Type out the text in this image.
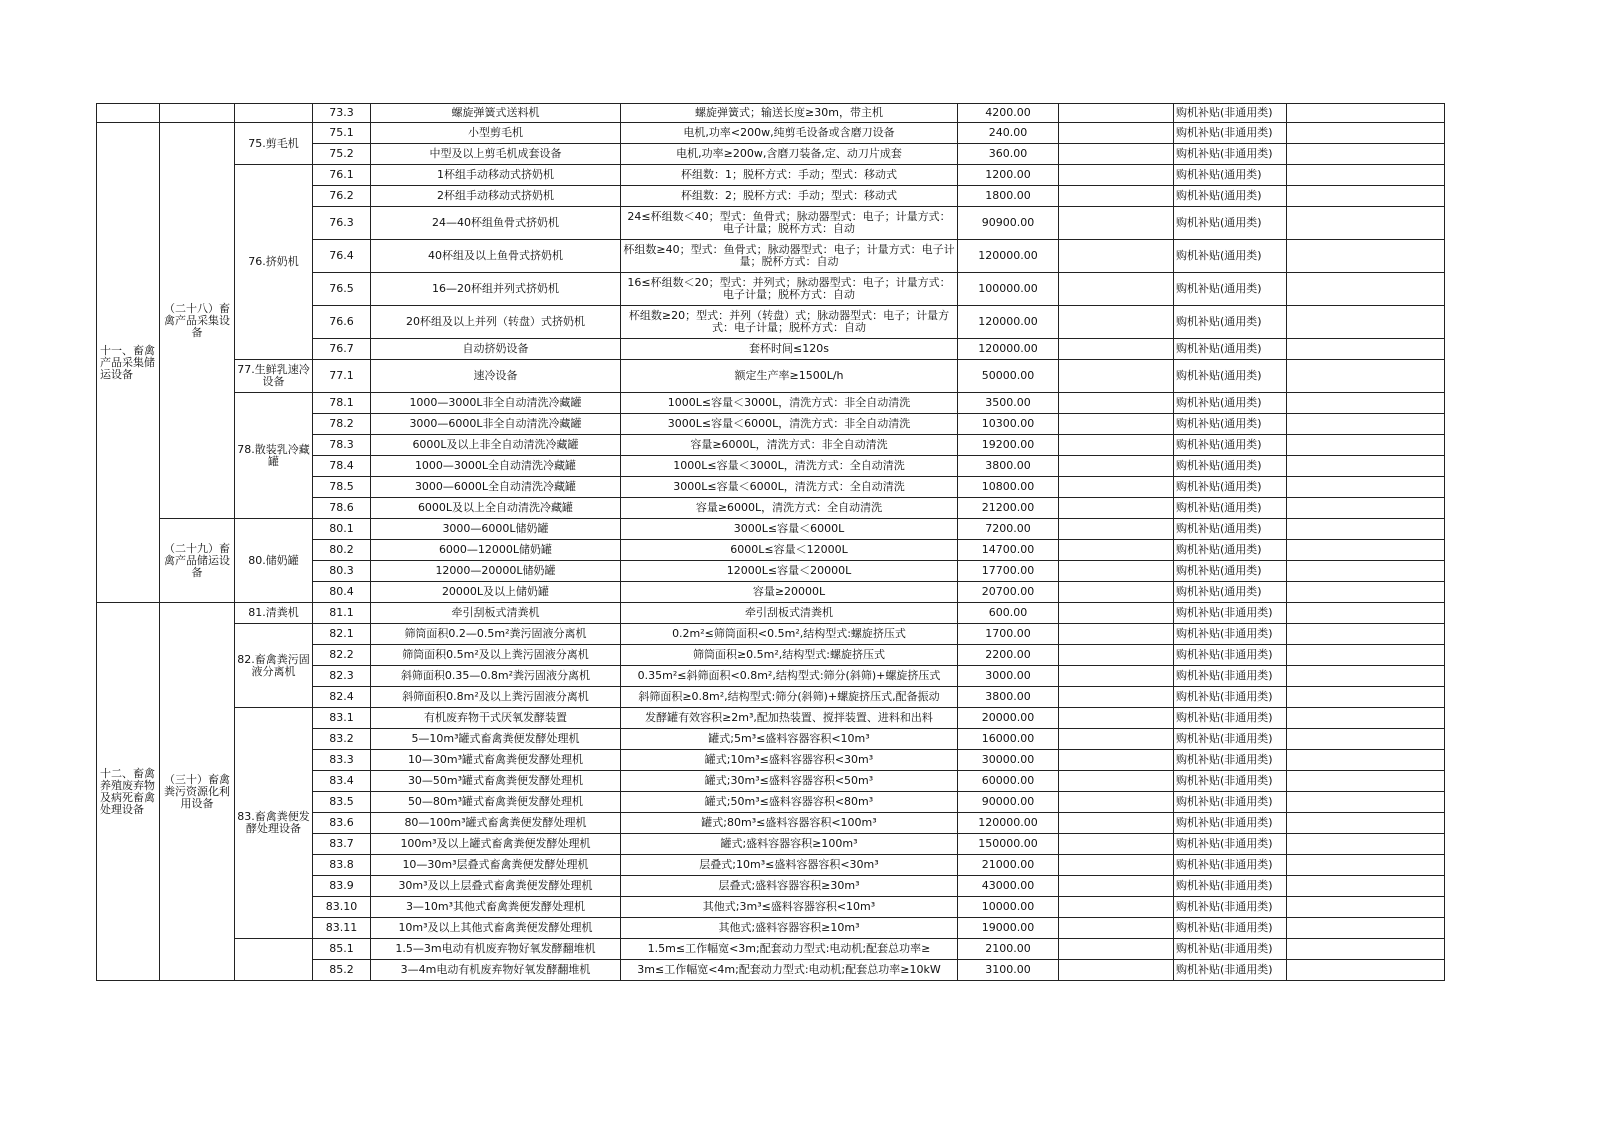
			73.3	螺旋弹簧式送料机	螺旋弹簧式；输送长度≥30m，带主机	4200.00		购机补贴(非通用类)	
十一、畜禽产品采集储运设备	（二十八）畜禽产品采集设备	75.剪毛机	75.1	小型剪毛机	电机,功率<200w,纯剪毛设备或含磨刀设备	240.00		购机补贴(非通用类)	
			75.2	中型及以上剪毛机成套设备	电机,功率≥200w,含磨刀装备,定、动刀片成套	360.00		购机补贴(非通用类)	
		76.挤奶机	76.1	1杯组手动移动式挤奶机	杯组数：1；脱杯方式：手动；型式：移动式	1200.00		购机补贴(通用类)	
			76.2	2杯组手动移动式挤奶机	杯组数：2；脱杯方式：手动；型式：移动式	1800.00		购机补贴(通用类)	
			76.3	24—40杯组鱼骨式挤奶机	24≤杯组数＜40；型式：鱼骨式；脉动器型式：电子；计量方式：电子计量；脱杯方式：自动	90900.00		购机补贴(通用类)	
			76.4	40杯组及以上鱼骨式挤奶机	杯组数≥40；型式：鱼骨式；脉动器型式：电子；计量方式：电子计量；脱杯方式：自动	120000.00		购机补贴(通用类)	
			76.5	16—20杯组并列式挤奶机	16≤杯组数＜20；型式：并列式；脉动器型式：电子；计量方式：电子计量；脱杯方式：自动	100000.00		购机补贴(通用类)	
			76.6	20杯组及以上并列（转盘）式挤奶机	杯组数≥20；型式：并列（转盘）式；脉动器型式：电子；计量方式：电子计量；脱杯方式：自动	120000.00		购机补贴(通用类)	
			76.7	自动挤奶设备	套杯时间≤120s	120000.00		购机补贴(通用类)	
		77.生鲜乳速冷设备	77.1	速冷设备	额定生产率≥1500L/h	50000.00		购机补贴(通用类)	
		78.散装乳冷藏罐	78.1	1000—3000L非全自动清洗冷藏罐	1000L≤容量＜3000L，清洗方式：非全自动清洗	3500.00		购机补贴(通用类)	
			78.2	3000—6000L非全自动清洗冷藏罐	3000L≤容量＜6000L，清洗方式：非全自动清洗	10300.00		购机补贴(通用类)	
			78.3	6000L及以上非全自动清洗冷藏罐	容量≥6000L，清洗方式：非全自动清洗	19200.00		购机补贴(通用类)	
			78.4	1000—3000L全自动清洗冷藏罐	1000L≤容量＜3000L，清洗方式：全自动清洗	3800.00		购机补贴(通用类)	
			78.5	3000—6000L全自动清洗冷藏罐	3000L≤容量＜6000L，清洗方式：全自动清洗	10800.00		购机补贴(通用类)	
			78.6	6000L及以上全自动清洗冷藏罐	容量≥6000L，清洗方式：全自动清洗	21200.00		购机补贴(通用类)	
	（二十九）畜禽产品储运设备	80.储奶罐	80.1	3000—6000L储奶罐	3000L≤容量＜6000L	7200.00		购机补贴(通用类)	
			80.2	6000—12000L储奶罐	6000L≤容量＜12000L	14700.00		购机补贴(通用类)	
			80.3	12000—20000L储奶罐	12000L≤容量＜20000L	17700.00		购机补贴(通用类)	
			80.4	20000L及以上储奶罐	容量≥20000L	20700.00		购机补贴(通用类)	
十二、畜禽养殖废弃物及病死畜禽处理设备	（三十）畜禽粪污资源化利用设备	81.清粪机	81.1	牵引刮板式清粪机	牵引刮板式清粪机	600.00		购机补贴(非通用类)	
		82.畜禽粪污固液分离机	82.1	筛筒面积0.2—0.5m²粪污固液分离机	0.2m²≤筛筒面积<0.5m²,结构型式:螺旋挤压式	1700.00		购机补贴(非通用类)	
			82.2	筛筒面积0.5m²及以上粪污固液分离机	筛筒面积≥0.5m²,结构型式:螺旋挤压式	2200.00		购机补贴(非通用类)	
			82.3	斜筛面积0.35—0.8m²粪污固液分离机	0.35m²≤斜筛面积<0.8m²,结构型式:筛分(斜筛)+螺旋挤压式	3000.00		购机补贴(非通用类)	
			82.4	斜筛面积0.8m²及以上粪污固液分离机	斜筛面积≥0.8m²,结构型式:筛分(斜筛)+螺旋挤压式,配备振动	3800.00		购机补贴(非通用类)	
		83.畜禽粪便发酵处理设备	83.1	有机废弃物干式厌氧发酵装置	发酵罐有效容积≥2m³,配加热装置、搅拌装置、进料和出料	20000.00		购机补贴(非通用类)	
			83.2	5—10m³罐式畜禽粪便发酵处理机	罐式;5m³≤盛料容器容积<10m³	16000.00		购机补贴(非通用类)	
			83.3	10—30m³罐式畜禽粪便发酵处理机	罐式;10m³≤盛料容器容积<30m³	30000.00		购机补贴(非通用类)	
			83.4	30—50m³罐式畜禽粪便发酵处理机	罐式;30m³≤盛料容器容积<50m³	60000.00		购机补贴(非通用类)	
			83.5	50—80m³罐式畜禽粪便发酵处理机	罐式;50m³≤盛料容器容积<80m³	90000.00		购机补贴(非通用类)	
			83.6	80—100m³罐式畜禽粪便发酵处理机	罐式;80m³≤盛料容器容积<100m³	120000.00		购机补贴(非通用类)	
			83.7	100m³及以上罐式畜禽粪便发酵处理机	罐式;盛料容器容积≥100m³	150000.00		购机补贴(非通用类)	
			83.8	10—30m³层叠式畜禽粪便发酵处理机	层叠式;10m³≤盛料容器容积<30m³	21000.00		购机补贴(非通用类)	
			83.9	30m³及以上层叠式畜禽粪便发酵处理机	层叠式;盛料容器容积≥30m³	43000.00		购机补贴(非通用类)	
			83.10	3—10m³其他式畜禽粪便发酵处理机	其他式;3m³≤盛料容器容积<10m³	10000.00		购机补贴(非通用类)	
			83.11	10m³及以上其他式畜禽粪便发酵处理机	其他式;盛料容器容积≥10m³	19000.00		购机补贴(非通用类)	
			85.1	1.5—3m电动有机废弃物好氧发酵翻堆机	1.5m≤工作幅宽<3m;配套动力型式:电动机;配套总功率≥	2100.00		购机补贴(非通用类)	
			85.2	3—4m电动有机废弃物好氧发酵翻堆机	3m≤工作幅宽<4m;配套动力型式:电动机;配套总功率≥10kW	3100.00		购机补贴(非通用类)	
